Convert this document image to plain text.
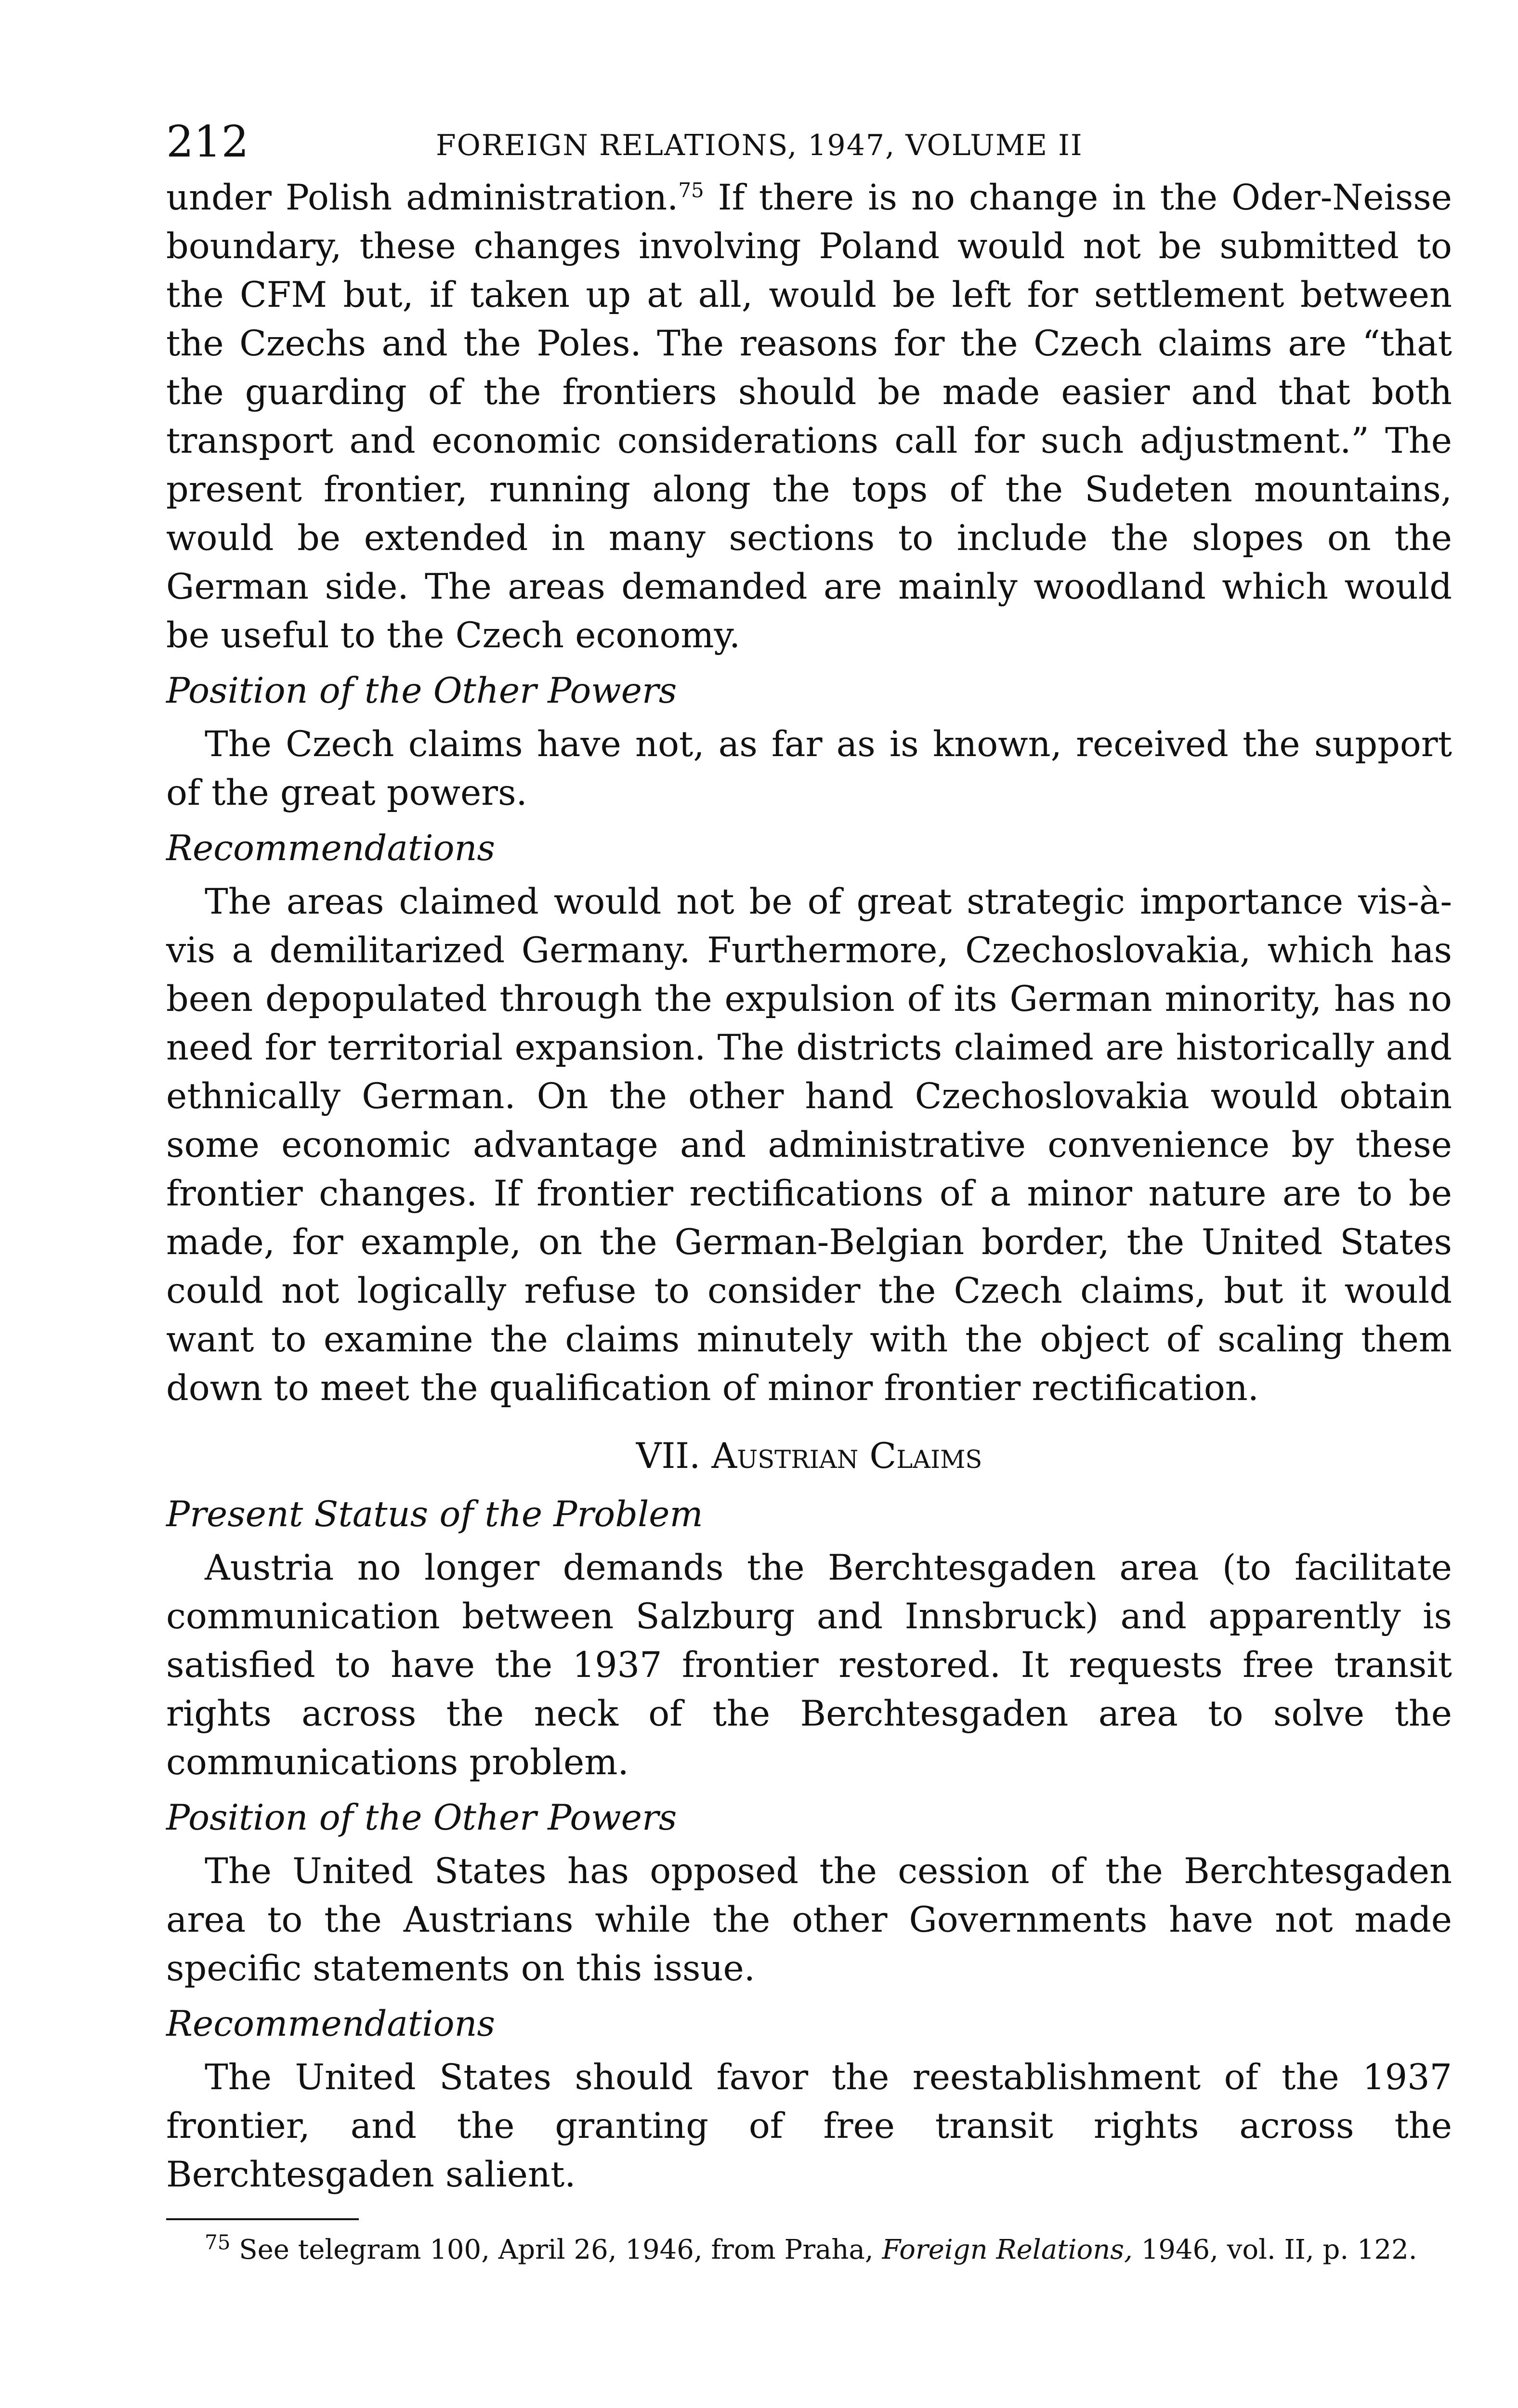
212	FOREIGN RELATIONS, 1947, VOLUME II

under Polish administration.$^{75}$ If there is no change in the Oder-Neisse boundary, these changes involving Poland would not be submitted to the CFM but, if taken up at all, would be left for settlement between the Czechs and the Poles. The reasons for the Czech claims are “that the guarding of the frontiers should be made easier and that both transport and economic considerations call for such adjustment.” The present frontier, running along the tops of the Sudeten mountains, would be extended in many sections to include the slopes on the German side. The areas demanded are mainly woodland which would be useful to the Czech economy.

Position of the Other Powers

The Czech claims have not, as far as is known, received the support of the great powers.

Recommendations

The areas claimed would not be of great strategic importance vis-à-vis a demilitarized Germany. Furthermore, Czechoslovakia, which has been depopulated through the expulsion of its German minority, has no need for territorial expansion. The districts claimed are historically and ethnically German. On the other hand Czechoslovakia would obtain some economic advantage and administrative convenience by these frontier changes. If frontier rectifications of a minor nature are to be made, for example, on the German-Belgian border, the United States could not logically refuse to consider the Czech claims, but it would want to examine the claims minutely with the object of scaling them down to meet the qualification of minor frontier rectification.

VII. Austrian Claims
Present Status of the Problem

Austria no longer demands the Berchtesgaden area (to facilitate communication between Salzburg and Innsbruck) and apparently is satisfied to have the 1937 frontier restored. It requests free transit rights across the neck of the Berchtesgaden area to solve the communications problem.

Position of the Other Powers

The United States has opposed the cession of the Berchtesgaden area to the Austrians while the other Governments have not made specific statements on this issue.

Recommendations

The United States should favor the reestablishment of the 1937 frontier, and the granting of free transit rights across the Berchtesgaden salient.

$^{75}$ See telegram 100, April 26, 1946, from Praha, Foreign Relations, 1946, vol. II, p. 122.
